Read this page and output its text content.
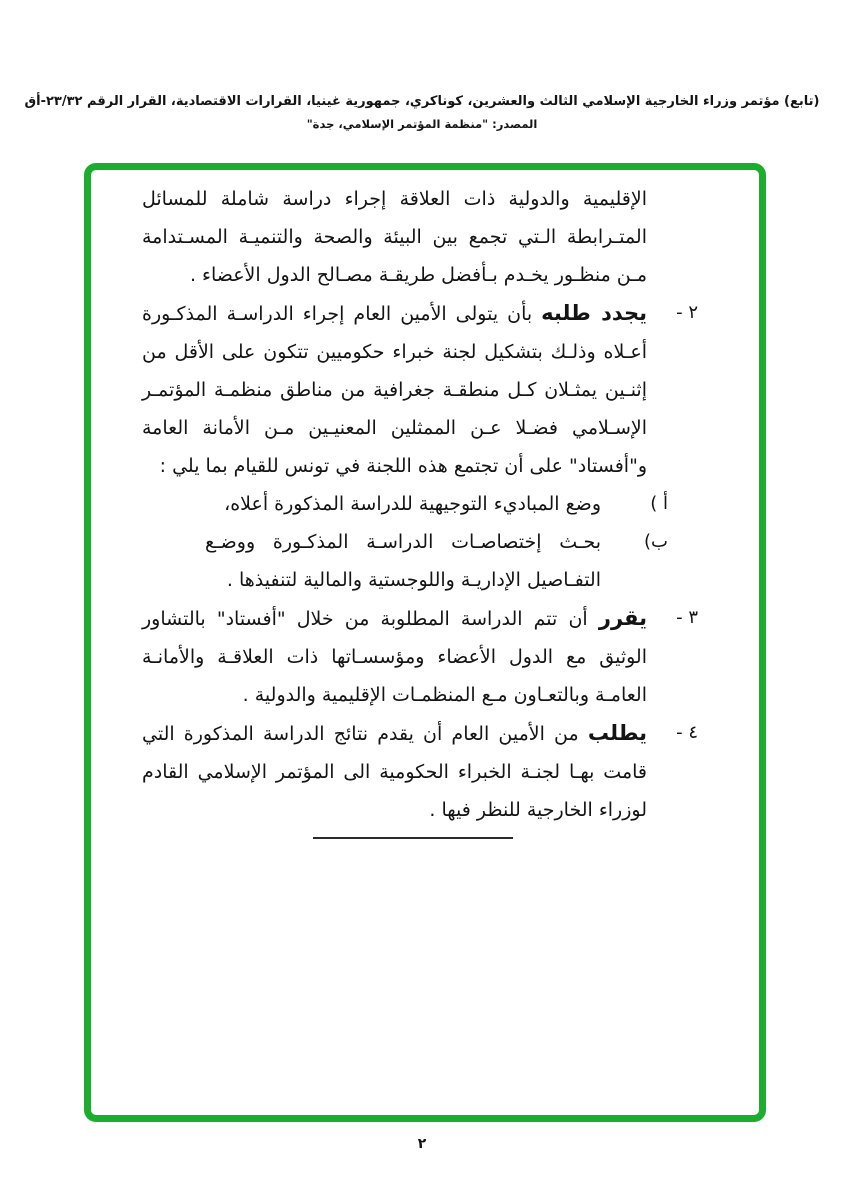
(تابع) مؤتمر وزراء الخارجية الإسلامي الثالث والعشرين، كوناكري، جمهورية غينيا، القرارات الاقتصادية، القرار الرقم ٢٣/٣٢-أق
المصدر: "منظمة المؤتمر الإسلامي، جدة"

الإقليمية والدولية ذات العلاقة إجراء دراسة شاملة للمسائل المتـرابطة الـتي تجمع بين البيئة والصحة والتنميـة المسـتدامة مـن منظـور يخـدم بـأفضل طريقـة مصـالح الدول الأعضاء .

٢ -

يجدد طلبه بأن يتولى الأمين العام إجراء الدراسـة المذكـورة أعـلاه وذلـك بتشكيل لجنة خبراء حكوميين تتكون على الأقل من إثنـين يمثـلان كـل منطقـة جغرافية من مناطق منظمـة المؤتمـر الإسـلامي فضـلا عـن الممثلين المعنيـين مـن الأمانة العامة و"أفستاد" على أن تجتمع هذه اللجنة في تونس للقيام بما يلي :

أ )

وضع المباديء التوجيهية للدراسة المذكورة أعلاه،

ب)

بحـث إختصاصـات الدراسـة المذكـورة ووضـع التفـاصيل الإداريـة واللوجستية والمالية لتنفيذها .

٣ -

يقرر أن تتم الدراسة المطلوبة من خلال "أفستاد" بالتشاور الوثيق مع الدول الأعضاء ومؤسسـاتها ذات العلاقـة والأمانـة العامـة وبالتعـاون مـع المنظمـات الإقليمية والدولية .

٤ -

يطلب من الأمين العام أن يقدم نتائج الدراسة المذكورة التي قامت بهـا لجنـة الخبراء الحكومية الى المؤتمر الإسلامي القادم لوزراء الخارجية للنظر فيها .

٢
